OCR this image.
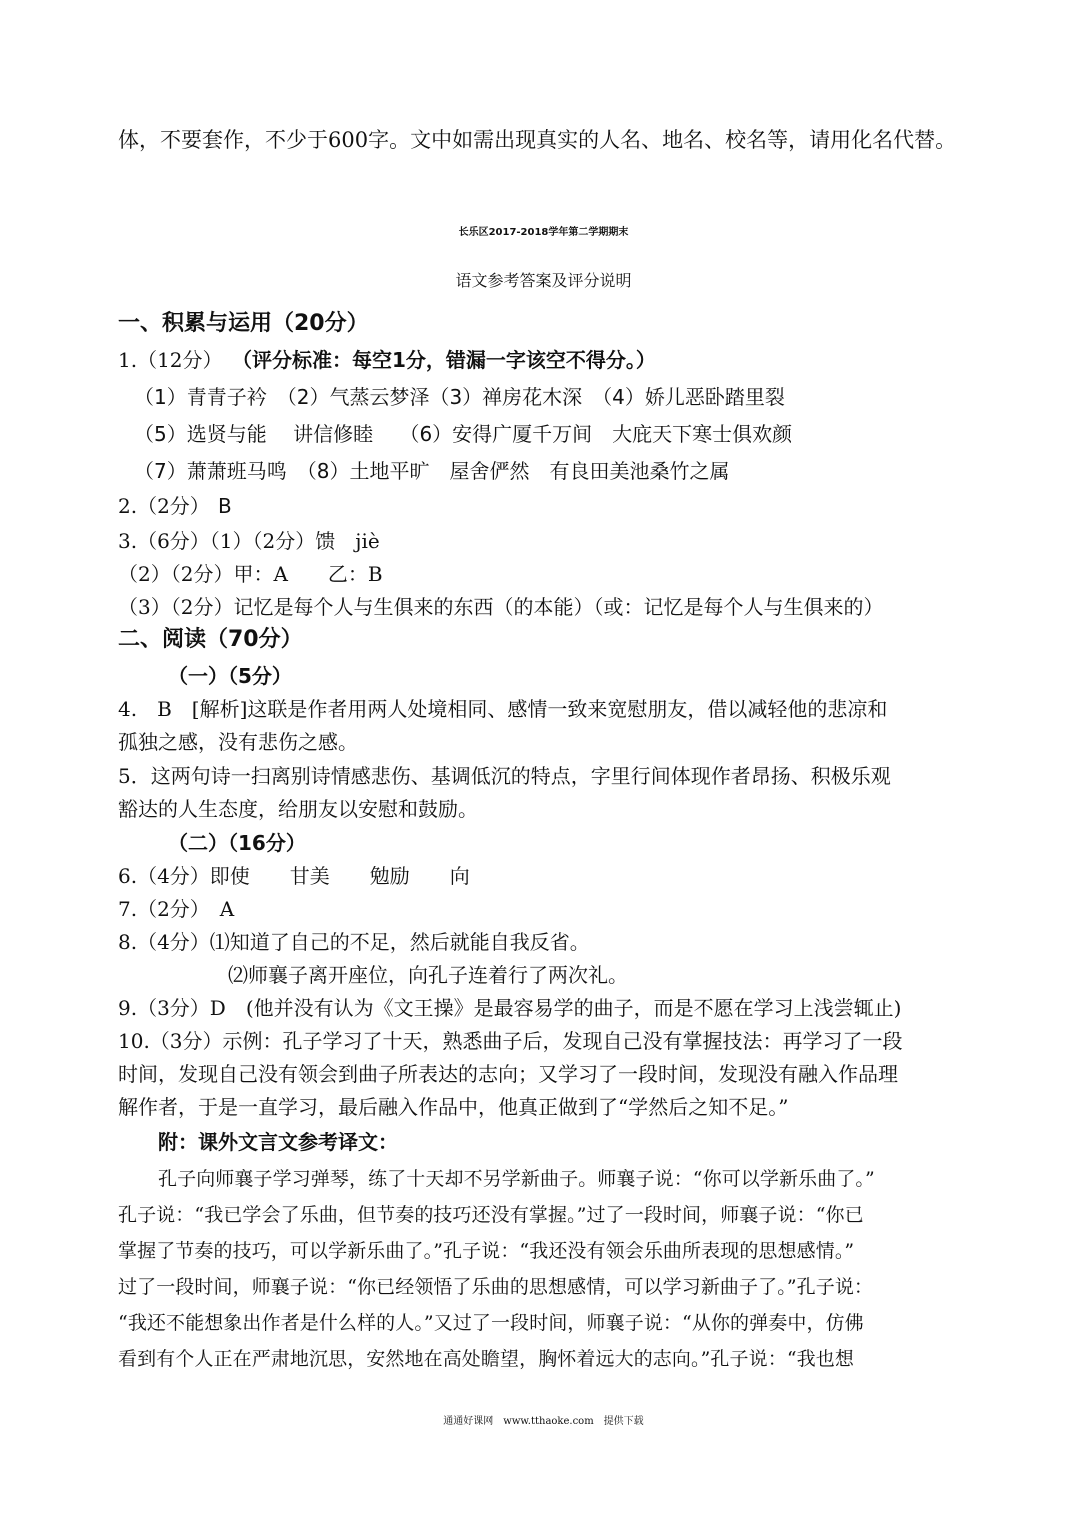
体，不要套作，不少于600字。文中如需出现真实的人名、地名、校名等，请用化名代替。
长乐区2017-2018学年第二学期期末
语文参考答案及评分说明
一、积累与运用（20分）
1.（12分） （评分标准：每空1分，错漏一字该空不得分。）
（1）青青子衿　（2）气蒸云梦泽（3）禅房花木深　（4）娇儿恶卧踏里裂
（5）选贤与能　 讲信修睦　 （6）安得广厦千万间　大庇天下寒士俱欢颜
（7）萧萧班马鸣　（8）土地平旷　屋舍俨然　有良田美池桑竹之属
2.（2分） B
3.（6分）（1）（2分）馈　jiè
（2）（2分）甲：A　　乙：B
（3）（2分）记忆是每个人与生俱来的东西（的本能）（或：记忆是每个人与生俱来的）
二、阅读（70分）
（一）（5分）
4.　B　[解析]这联是作者用两人处境相同、感情一致来宽慰朋友，借以减轻他的悲凉和
孤独之感，没有悲伤之感。
5．这两句诗一扫离别诗情感悲伤、基调低沉的特点，字里行间体现作者昂扬、积极乐观
豁达的人生态度，给朋友以安慰和鼓励。
（二）（16分）
6.（4分）即使　　甘美　　勉励　　向
7.（2分）　A
8.（4分）⑴知道了自己的不足，然后就能自我反省。
⑵师襄子离开座位，向孔子连着行了两次礼。
9.（3分）D　(他并没有认为《文王操》是最容易学的曲子，而是不愿在学习上浅尝辄止)
10.（3分）示例：孔子学习了十天，熟悉曲子后，发现自己没有掌握技法：再学习了一段
时间，发现自己没有领会到曲子所表达的志向；又学习了一段时间，发现没有融入作品理
解作者，于是一直学习，最后融入作品中，他真正做到了“学然后之知不足。”
附：课外文言文参考译文：
孔子向师襄子学习弹琴，练了十天却不另学新曲子。师襄子说：“你可以学新乐曲了。”
孔子说：“我已学会了乐曲，但节奏的技巧还没有掌握。”过了一段时间，师襄子说：“你已
掌握了节奏的技巧，可以学新乐曲了。”孔子说：“我还没有领会乐曲所表现的思想感情。”
过了一段时间，师襄子说：“你已经领悟了乐曲的思想感情，可以学习新曲子了。”孔子说：
“我还不能想象出作者是什么样的人。”又过了一段时间，师襄子说：“从你的弹奏中，仿佛
看到有个人正在严肃地沉思，安然地在高处瞻望，胸怀着远大的志向。”孔子说：“我也想
通通好课网　www.tthaoke.com　提供下载
